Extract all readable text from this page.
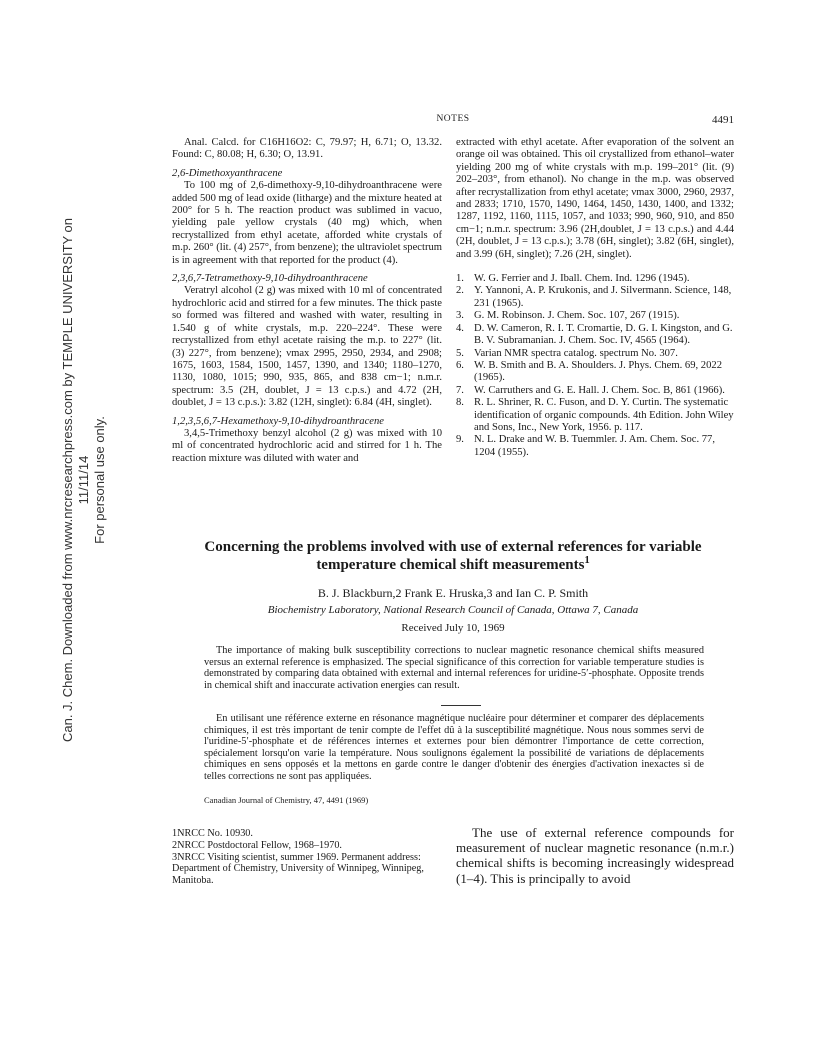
Can. J. Chem. Downloaded from www.nrcresearchpress.com by TEMPLE UNIVERSITY on 11/11/14 For personal use only.

NOTES	4491

Anal. Calcd. for C16H16O2: C, 79.97; H, 6.71; O, 13.32. Found: C, 80.08; H, 6.30; O, 13.91.

2,6-Dimethoxyanthracene

To 100 mg of 2,6-dimethoxy-9,10-dihydroanthracene were added 500 mg of lead oxide (litharge) and the mixture heated at 200° for 5 h. The reaction product was sublimed in vacuo, yielding pale yellow crystals (40 mg) which, when recrystallized from ethyl acetate, afforded white crystals of m.p. 260° (lit. (4) 257°, from benzene); the ultraviolet spectrum is in agreement with that reported for the product (4).

2,3,6,7-Tetramethoxy-9,10-dihydroanthracene

Veratryl alcohol (2 g) was mixed with 10 ml of concentrated hydrochloric acid and stirred for a few minutes. The thick paste so formed was filtered and washed with water, resulting in 1.540 g of white crystals, m.p. 220–224°. These were recrystallized from ethyl acetate raising the m.p. to 227° (lit. (3) 227°, from benzene); νmax 2995, 2950, 2934, and 2908; 1675, 1603, 1584, 1500, 1457, 1390, and 1340; 1180–1270, 1130, 1080, 1015; 990, 935, 865, and 838 cm−1; n.m.r. spectrum: 3.5 (2H, doublet, J = 13 c.p.s.) and 4.72 (2H, doublet, J = 13 c.p.s.): 3.82 (12H, singlet): 6.84 (4H, singlet).

1,2,3,5,6,7-Hexamethoxy-9,10-dihydroanthracene

3,4,5-Trimethoxy benzyl alcohol (2 g) was mixed with 10 ml of concentrated hydrochloric acid and stirred for 1 h. The reaction mixture was diluted with water and

extracted with ethyl acetate. After evaporation of the solvent an orange oil was obtained. This oil crystallized from ethanol–water yielding 200 mg of white crystals with m.p. 199–201° (lit. (9) 202–203°, from ethanol). No change in the m.p. was observed after recrystallization from ethyl acetate; νmax 3000, 2960, 2937, and 2833; 1710, 1570, 1490, 1464, 1450, 1430, 1400, and 1332; 1287, 1192, 1160, 1115, 1057, and 1033; 990, 960, 910, and 850 cm−1; n.m.r. spectrum: 3.96 (2H,doublet, J = 13 c.p.s.) and 4.44 (2H, doublet, J = 13 c.p.s.); 3.78 (6H, singlet); 3.82 (6H, singlet), and 3.99 (6H, singlet); 7.26 (2H, singlet).

1. W. G. Ferrier and J. Iball. Chem. Ind. 1296 (1945).
2. Y. Yannoni, A. P. Krukonis, and J. Silvermann. Science, 148, 231 (1965).
3. G. M. Robinson. J. Chem. Soc. 107, 267 (1915).
4. D. W. Cameron, R. I. T. Cromartie, D. G. I. Kingston, and G. B. V. Subramanian. J. Chem. Soc. IV, 4565 (1964).
5. Varian NMR spectra catalog. spectrum No. 307.
6. W. B. Smith and B. A. Shoulders. J. Phys. Chem. 69, 2022 (1965).
7. W. Carruthers and G. E. Hall. J. Chem. Soc. B, 861 (1966).
8. R. L. Shriner, R. C. Fuson, and D. Y. Curtin. The systematic identification of organic compounds. 4th Edition. John Wiley and Sons, Inc., New York, 1956. p. 117.
9. N. L. Drake and W. B. Tuemmler. J. Am. Chem. Soc. 77, 1204 (1955).
Concerning the problems involved with use of external references for variable temperature chemical shift measurements$^1$
B. J. Blackburn,2 Frank E. Hruska,3 and Ian C. P. Smith
Biochemistry Laboratory, National Research Council of Canada, Ottawa 7, Canada
Received July 10, 1969

The importance of making bulk susceptibility corrections to nuclear magnetic resonance chemical shifts measured versus an external reference is emphasized. The special significance of this correction for variable temperature studies is demonstrated by comparing data obtained with external and internal references for uridine-5′-phosphate. Opposite trends in chemical shift and inaccurate activation energies can result.

En utilisant une référence externe en résonance magnétique nucléaire pour déterminer et comparer des déplacements chimiques, il est très important de tenir compte de l'effet dû à la susceptibilité magnétique. Nous nous sommes servi de l'uridine-5′-phosphate et de références internes et externes pour bien démontrer l'importance de cette correction, spécialement lorsqu'on varie la température. Nous soulignons également la possibilité de variations de déplacements chimiques en sens opposés et la mettons en garde contre le danger d'obtenir des énergies d'activation inexactes si de telles corrections ne sont pas appliquées.

Canadian Journal of Chemistry, 47, 4491 (1969)

1NRCC No. 10930.

2NRCC Postdoctoral Fellow, 1968–1970.

3NRCC Visiting scientist, summer 1969. Permanent address: Department of Chemistry, University of Winnipeg, Winnipeg, Manitoba.

The use of external reference compounds for measurement of nuclear magnetic resonance (n.m.r.) chemical shifts is becoming increasingly widespread (1–4). This is principally to avoid
